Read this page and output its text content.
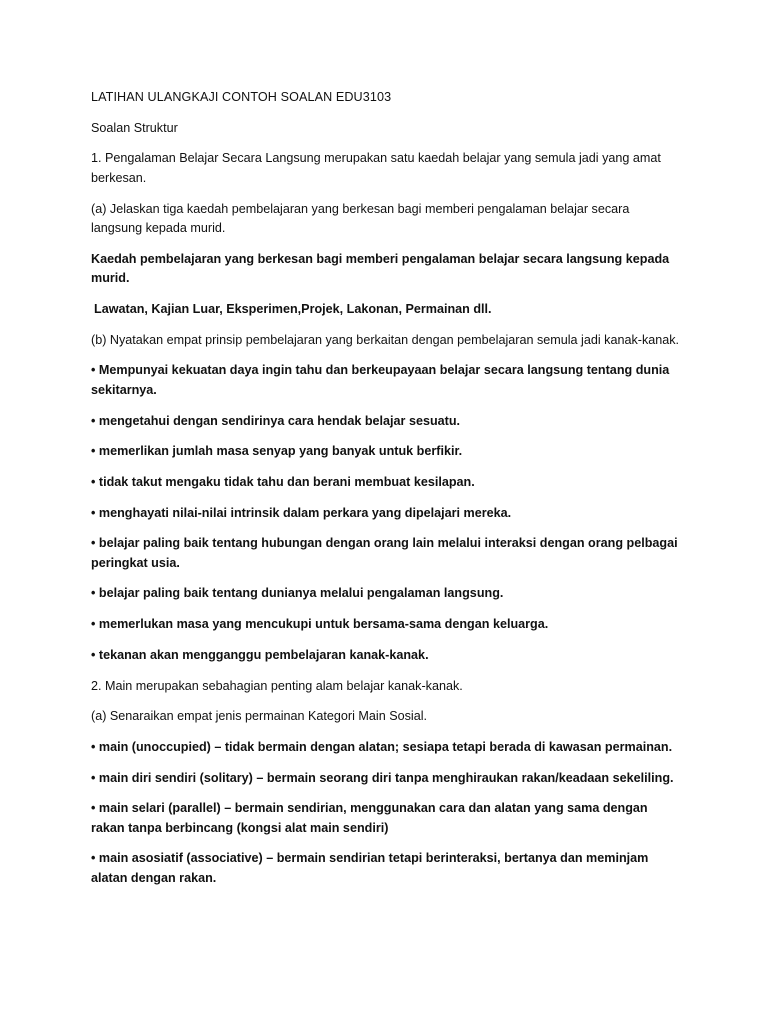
LATIHAN ULANGKAJI CONTOH SOALAN EDU3103

Soalan Struktur

1. Pengalaman Belajar Secara Langsung merupakan satu kaedah belajar yang semula jadi yang amat berkesan.

(a) Jelaskan tiga kaedah pembelajaran yang berkesan bagi memberi pengalaman belajar secara langsung kepada murid.

Kaedah pembelajaran yang berkesan bagi memberi pengalaman belajar secara langsung kepada murid.

Lawatan, Kajian Luar, Eksperimen,Projek, Lakonan, Permainan dll.

(b) Nyatakan empat prinsip pembelajaran yang berkaitan dengan pembelajaran semula jadi kanak-kanak.

• Mempunyai kekuatan daya ingin tahu dan berkeupayaan belajar secara langsung tentang dunia sekitarnya.

• mengetahui dengan sendirinya cara hendak belajar sesuatu.

• memerlikan jumlah masa senyap yang banyak untuk berfikir.

• tidak takut mengaku tidak tahu dan berani membuat kesilapan.

• menghayati nilai-nilai intrinsik dalam perkara yang dipelajari mereka.

• belajar paling baik tentang hubungan dengan orang lain melalui interaksi dengan orang pelbagai peringkat usia.

• belajar paling baik tentang dunianya melalui pengalaman langsung.

• memerlukan masa yang mencukupi untuk bersama-sama dengan keluarga.

• tekanan akan mengganggu pembelajaran kanak-kanak.

2. Main merupakan sebahagian penting alam belajar kanak-kanak.

(a) Senaraikan empat jenis permainan Kategori Main Sosial.

• main (unoccupied) – tidak bermain dengan alatan; sesiapa tetapi berada di kawasan permainan.

• main diri sendiri (solitary) – bermain seorang diri tanpa menghiraukan rakan/keadaan sekeliling.

• main selari (parallel) – bermain sendirian, menggunakan cara dan alatan yang sama dengan rakan tanpa berbincang (kongsi alat main sendiri)

• main asosiatif (associative) – bermain sendirian tetapi berinteraksi, bertanya dan meminjam alatan dengan rakan.
